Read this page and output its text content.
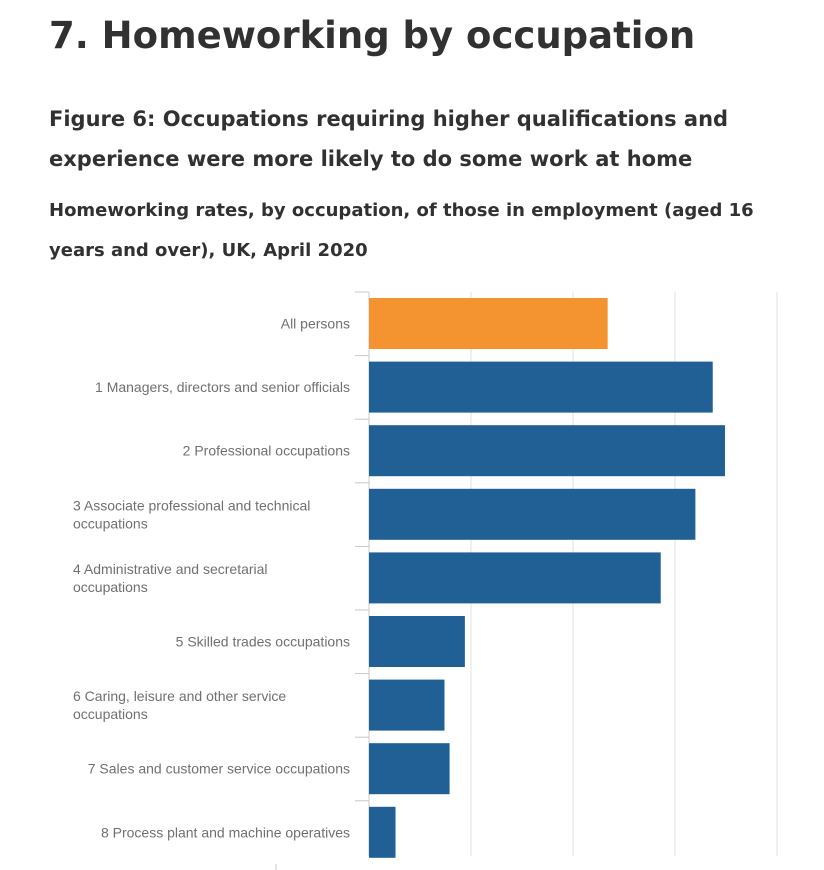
7. Homeworking by occupation
Figure 6: Occupations requiring higher qualifications and experience were more likely to do some work at home
Homeworking rates, by occupation, of those in employment (aged 16 years and over), UK, April 2020
All persons
1 Managers, directors and senior officials
2 Professional occupations
3 Associate professional and technical
occupations
4 Administrative and secretarial
occupations
5 Skilled trades occupations
6 Caring, leisure and other service
occupations
7 Sales and customer service occupations
8 Process plant and machine operatives
